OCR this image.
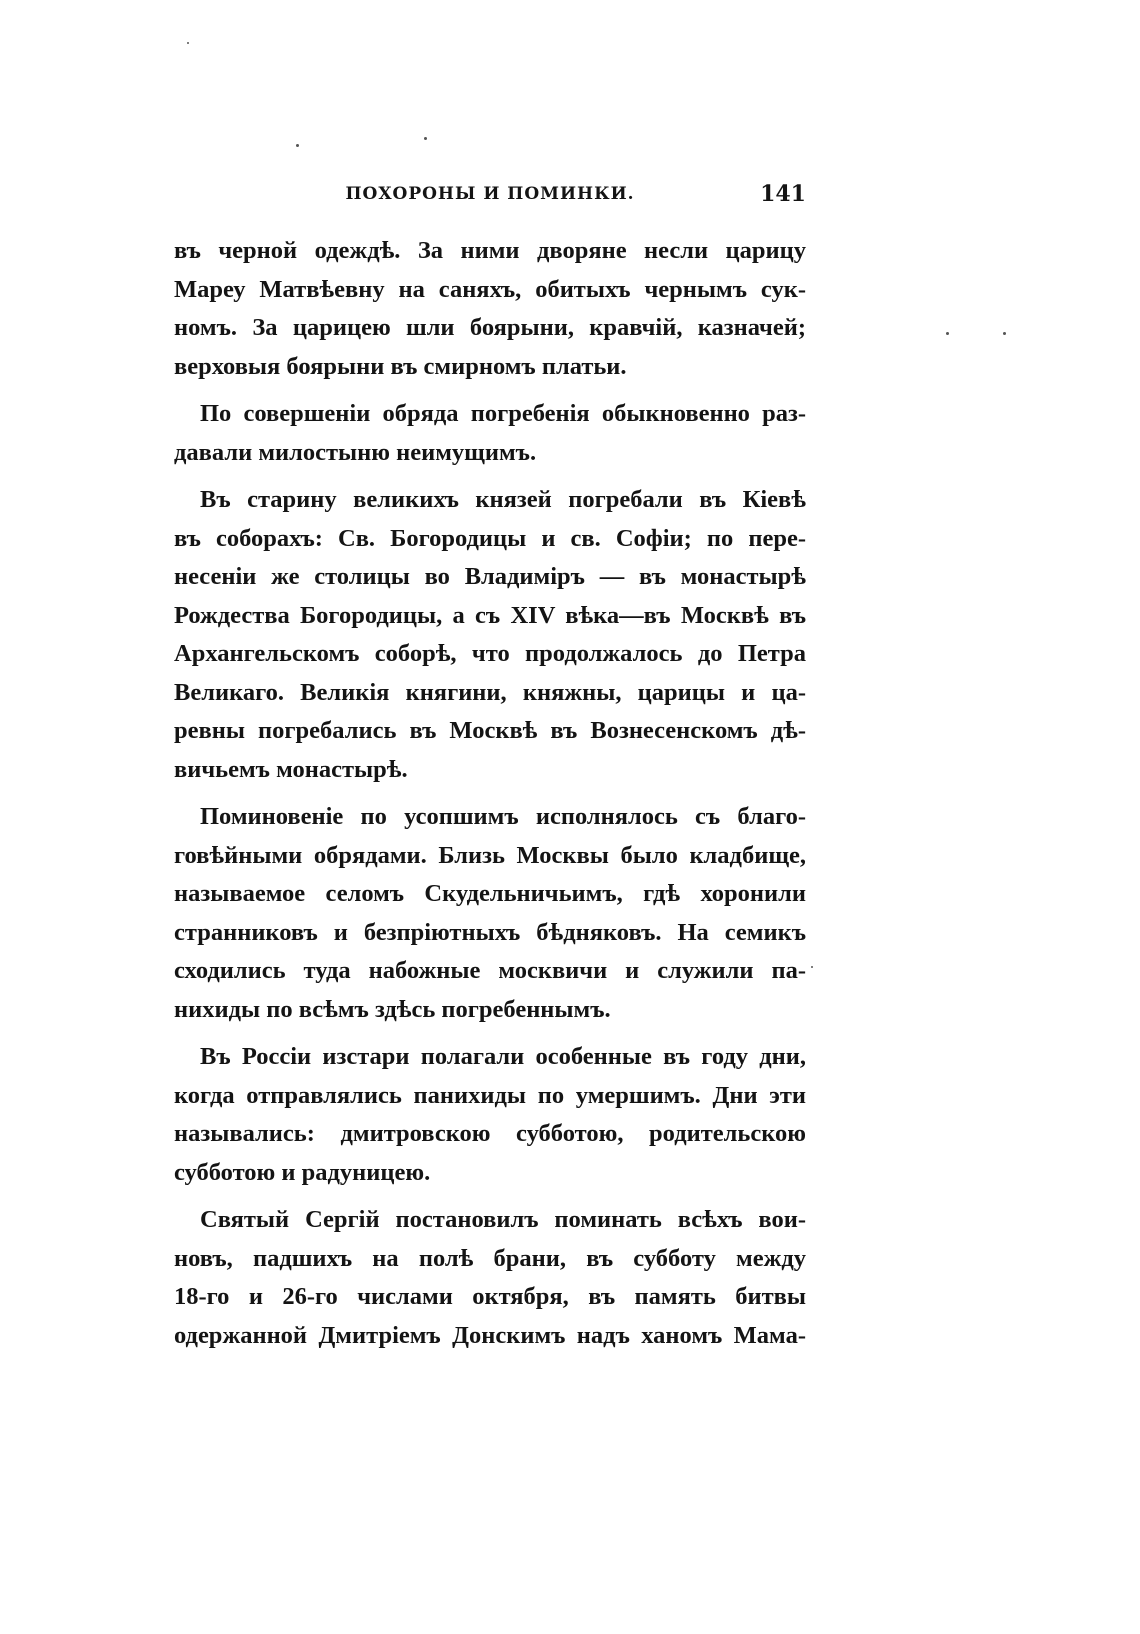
ПОХОРОНЫ И ПОМИНКИ.	141
въ черной одеждѣ. За ними дворяне несли царицу
Мареу Матвѣевну на саняхъ, обитыхъ чернымъ сук-
номъ. За царицею шли боярыни, кравчій, казначей;
верховыя боярыни въ смирномъ платьи.
По совершеніи обряда погребенія обыкновенно раз-
давали милостыню неимущимъ.
Въ старину великихъ князей погребали въ Кіевѣ
въ соборахъ: Св. Богородицы и св. Софіи; по пере-
несеніи же столицы во Владиміръ — въ монастырѣ
Рождества Богородицы, а съ XIV вѣка—въ Москвѣ въ
Архангельскомъ соборѣ, что продолжалось до Петра
Великаго. Великія княгини, княжны, царицы и ца-
ревны погребались въ Москвѣ въ Вознесенскомъ дѣ-
вичьемъ монастырѣ.
Поминовеніе по усопшимъ исполнялось съ благо-
говѣйными обрядами. Близь Москвы было кладбище,
называемое селомъ Скудельничьимъ, гдѣ хоронили
странниковъ и безпріютныхъ бѣдняковъ. На семикъ
сходились туда набожные москвичи и служили па-
нихиды по всѣмъ здѣсь погребеннымъ.
Въ Россіи изстари полагали особенные въ году дни,
когда отправлялись панихиды по умершимъ. Дни эти
назывались: дмитровскою субботою, родительскою
субботою и радуницею.
Святый Сергій постановилъ поминать всѣхъ вои-
новъ, падшихъ на полѣ брани, въ субботу между
18-го и 26-го числами октября, въ память битвы
одержанной Дмитріемъ Донскимъ надъ ханомъ Мама-
